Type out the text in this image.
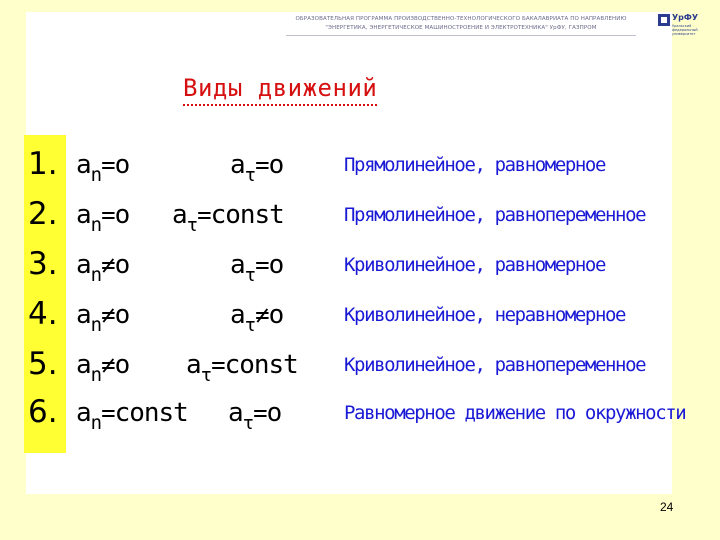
ОБРАЗОВАТЕЛЬНАЯ ПРОГРАММА ПРОИЗВОДСТВЕННО-ТЕХНОЛОГИЧЕСКОГО БАКАЛАВРИАТА ПО НАПРАВЛЕНИЮ
"ЭНЕРГЕТИКА, ЭНЕРГЕТИЧЕСКОЕ МАШИНОСТРОЕНИЕ И ЭЛЕКТРОТЕХНИКА" УрФУ, ГАЗПРОМ
УрФУ
Уральский федеральный университет
Виды движений
1. $a_n=o$	$a_\tau=o$	Прямолинейное, равномерное
2. $a_n=o$ $a_\tau=const$	Прямолинейное, равнопеременное
3. $a_n\ne o$	$a_\tau=o$	Криволинейное, равномерное
4. $a_n\ne o$	$a_\tau\ne o$	Криволинейное, неравномерное
5. $a_n\ne o$ $a_\tau=const$ Криволинейное, равнопеременное
6. $a_n=const$ $a_\tau=o$	Равномерное движение по окружности
24
